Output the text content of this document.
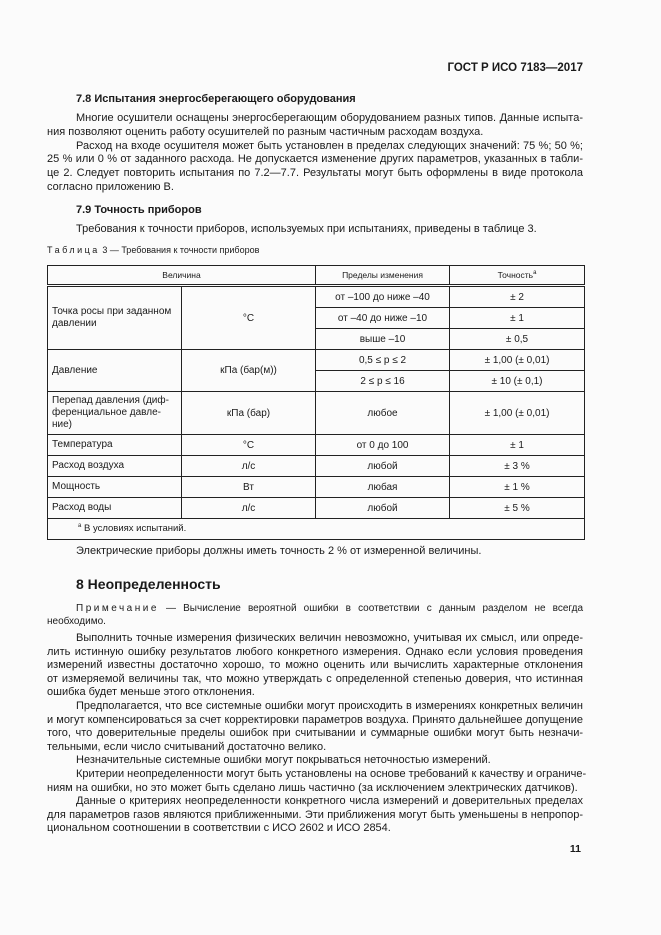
ГОСТ Р ИСО 7183—2017
7.8 Испытания энергосберегающего оборудования
Многие осушители оснащены энергосберегающим оборудованием разных типов. Данные испыта-
ния позволяют оценить работу осушителей по разным частичным расходам воздуха.
Расход на входе осушителя может быть установлен в пределах следующих значений: 75 %; 50 %;
25 % или 0 % от заданного расхода. Не допускается изменение других параметров, указанных в табли-
це 2. Следует повторить испытания по 7.2—7.7. Результаты могут быть оформлены в виде протокола
согласно приложению В.
7.9 Точность приборов
Требования к точности приборов, используемых при испытаниях, приведены в таблице 3.
Таблица 3 — Требования к точности приборов
Величина		Пределы изменения	Точность$^a$
Точка росы при заданном давлении	°C	от –100 до ниже –40	± 2
		от –40 до ниже –10	± 1
		выше –10	± 0,5
Давление	кПа (бар(м))	0,5 ≤ p ≤ 2	± 1,00 (± 0,01)
		2 ≤ p ≤ 16	± 10 (± 0,1)
Перепад давления (диф-ференциальное давле-ние)	кПа (бар)	любое	± 1,00 (± 0,01)
Температура	°C	от 0 до 100	± 1
Расход воздуха	л/с	любой	± 3 %
Мощность	Вт	любая	± 1 %
Расход воды	л/с	любой	± 5 %
$^a$ В условиях испытаний.			
Электрические приборы должны иметь точность 2 % от измеренной величины.
8 Неопределенность
Примечание — Вычисление вероятной ошибки в соответствии с данным разделом не всегда
необходимо.
Выполнить точные измерения физических величин невозможно, учитывая их смысл, или опреде-
лить истинную ошибку результатов любого конкретного измерения. Однако если условия проведения
измерений известны достаточно хорошо, то можно оценить или вычислить характерные отклонения
от измеряемой величины так, что можно утверждать с определенной степенью доверия, что истинная
ошибка будет меньше этого отклонения.
Предполагается, что все системные ошибки могут происходить в измерениях конкретных величин
и могут компенсироваться за счет корректировки параметров воздуха. Принято дальнейшее допущение
того, что доверительные пределы ошибок при считывании и суммарные ошибки могут быть незначи-
тельными, если число считываний достаточно велико.
Незначительные системные ошибки могут покрываться неточностью измерений.
Критерии неопределенности могут быть установлены на основе требований к качеству и ограниче-
ниям на ошибки, но это может быть сделано лишь частично (за исключением электрических датчиков).
Данные о критериях неопределенности конкретного числа измерений и доверительных пределах
для параметров газов являются приближенными. Эти приближения могут быть уменьшены в непропор-
циональном соотношении в соответствии с ИСО 2602 и ИСО 2854.
11
